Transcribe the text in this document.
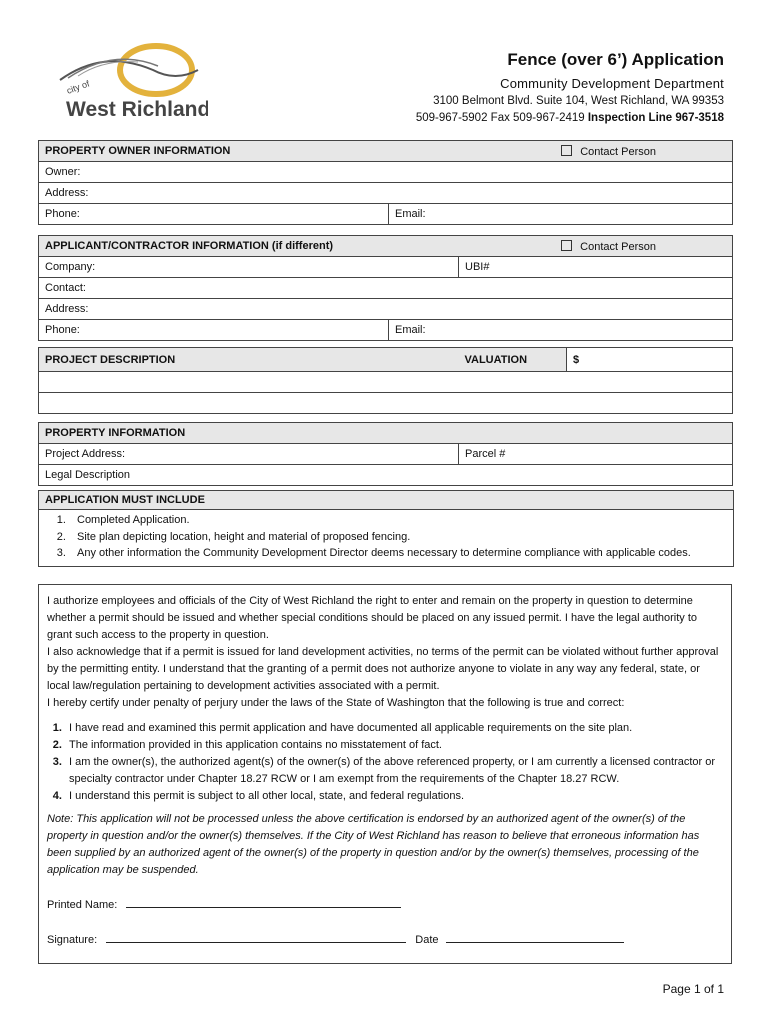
city of
West Richland
Fence (over 6’) Application
Community Development Department
3100 Belmont Blvd. Suite 104, West Richland, WA 99353
509-967-5902 Fax 509-967-2419 Inspection Line 967-3518
PROPERTY OWNER INFORMATION	Contact Person

Owner:
Address:
Phone:	Email:
APPLICANT/CONTRACTOR INFORMATION (if different) Contact Person		

Company:		UBI#
Contact:		
Address:		
Phone:	Email:	
PROJECT DESCRIPTION	VALUATION	$

PROPERTY INFORMATION
Project Address:	Parcel #
Legal Description
APPLICATION MUST INCLUDE
1. Completed Application.
2. Site plan depicting location, height and material of proposed fencing.
3. Any other information the Community Development Director deems necessary to determine compliance with applicable codes.

I authorize employees and officials of the City of West Richland the right to enter and remain on the property in question to determine whether a permit should be issued and whether special conditions should be placed on any issued permit. I have the legal authority to grant such access to the property in question.

I also acknowledge that if a permit is issued for land development activities, no terms of the permit can be violated without further approval by the permitting entity. I understand that the granting of a permit does not authorize anyone to violate in any way any federal, state, or local law/regulation pertaining to development activities associated with a permit.

I hereby certify under penalty of perjury under the laws of the State of Washington that the following is true and correct:

1. I have read and examined this permit application and have documented all applicable requirements on the site plan.
2. The information provided in this application contains no misstatement of fact.
3. I am the owner(s), the authorized agent(s) of the owner(s) of the above referenced property, or I am currently a licensed contractor or specialty contractor under Chapter 18.27 RCW or I am exempt from the requirements of the Chapter 18.27 RCW.
4. I understand this permit is subject to all other local, state, and federal regulations.

Note: This application will not be processed unless the above certification is endorsed by an authorized agent of the owner(s) of the property in question and/or the owner(s) themselves. If the City of West Richland has reason to believe that erroneous information has been supplied by an authorized agent of the owner(s) of the property in question and/or by the owner(s) themselves, processing of the application may be suspended.

Printed Name:

Signature:	Date

Page 1 of 1
